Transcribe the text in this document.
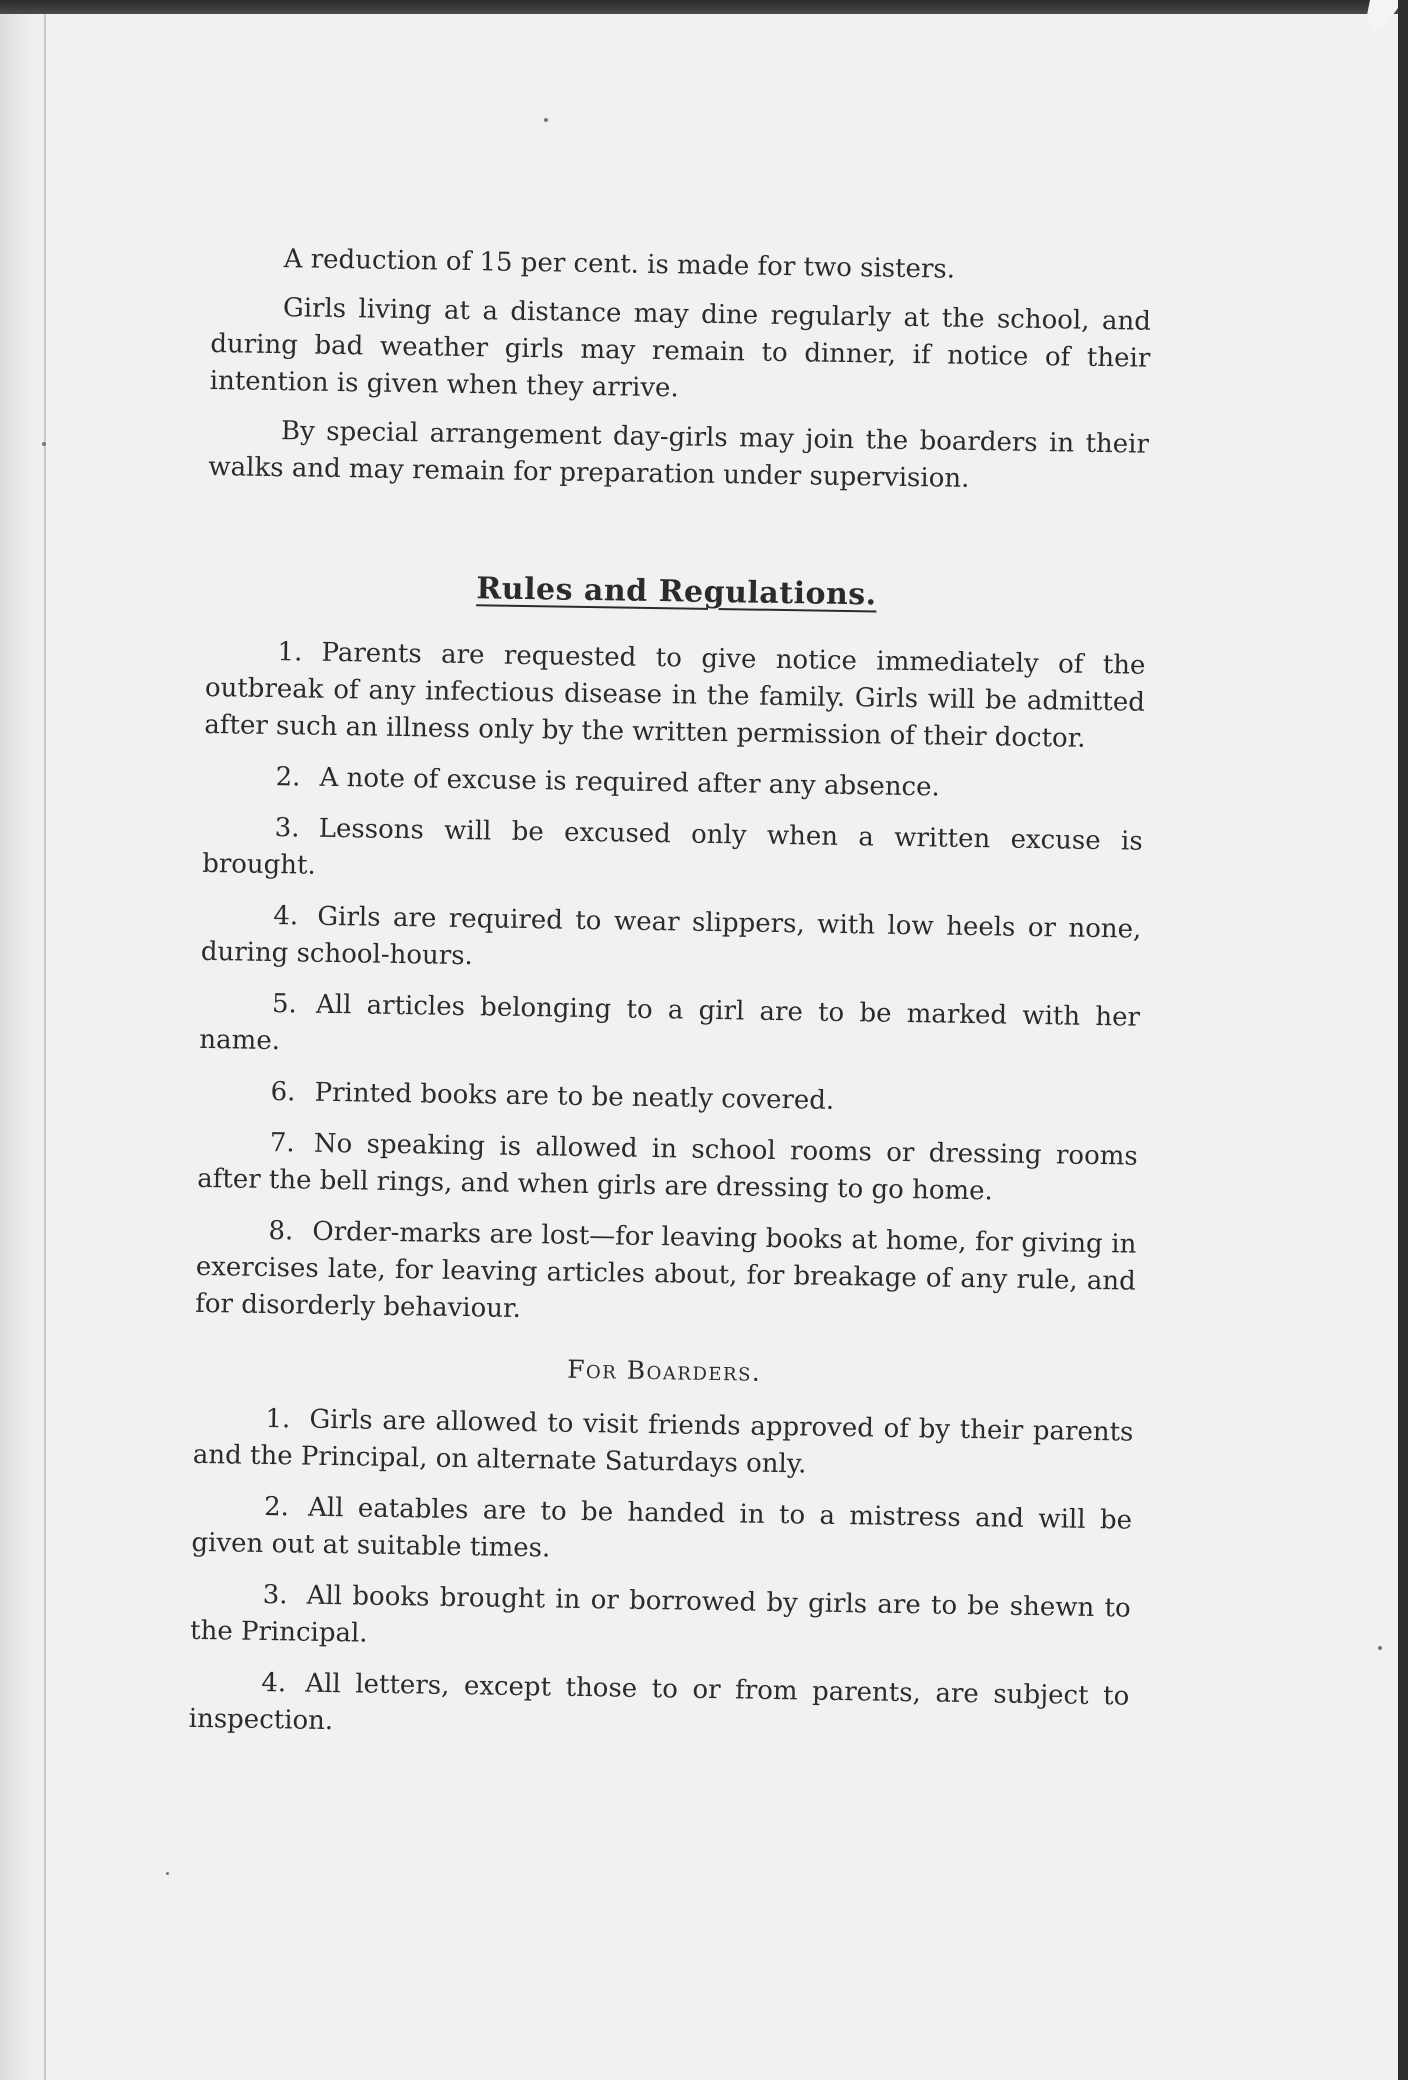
A reduction of 15 per cent. is made for two sisters.

Girls living at a distance may dine regularly at the school, and during bad weather girls may remain to dinner, if notice of their intention is given when they arrive.

By special arrangement day-girls may join the boarders in their walks and may remain for preparation under supervision.

Rules and Regulations.

1. Parents are requested to give notice immediately of the outbreak of any infectious disease in the family. Girls will be admitted after such an illness only by the written permission of their doctor.

2. A note of excuse is required after any absence.

3. Lessons will be excused only when a written excuse is brought.

4. Girls are required to wear slippers, with low heels or none, during school-hours.

5. All articles belonging to a girl are to be marked with her name.

6. Printed books are to be neatly covered.

7. No speaking is allowed in school rooms or dressing rooms after the bell rings, and when girls are dressing to go home.

8. Order-marks are lost—for leaving books at home, for giving in exercises late, for leaving articles about, for breakage of any rule, and for disorderly behaviour.

For Boarders.

1. Girls are allowed to visit friends approved of by their parents and the Principal, on alternate Saturdays only.

2. All eatables are to be handed in to a mistress and will be given out at suitable times.

3. All books brought in or borrowed by girls are to be shewn to the Principal.

4. All letters, except those to or from parents, are subject to inspection.
